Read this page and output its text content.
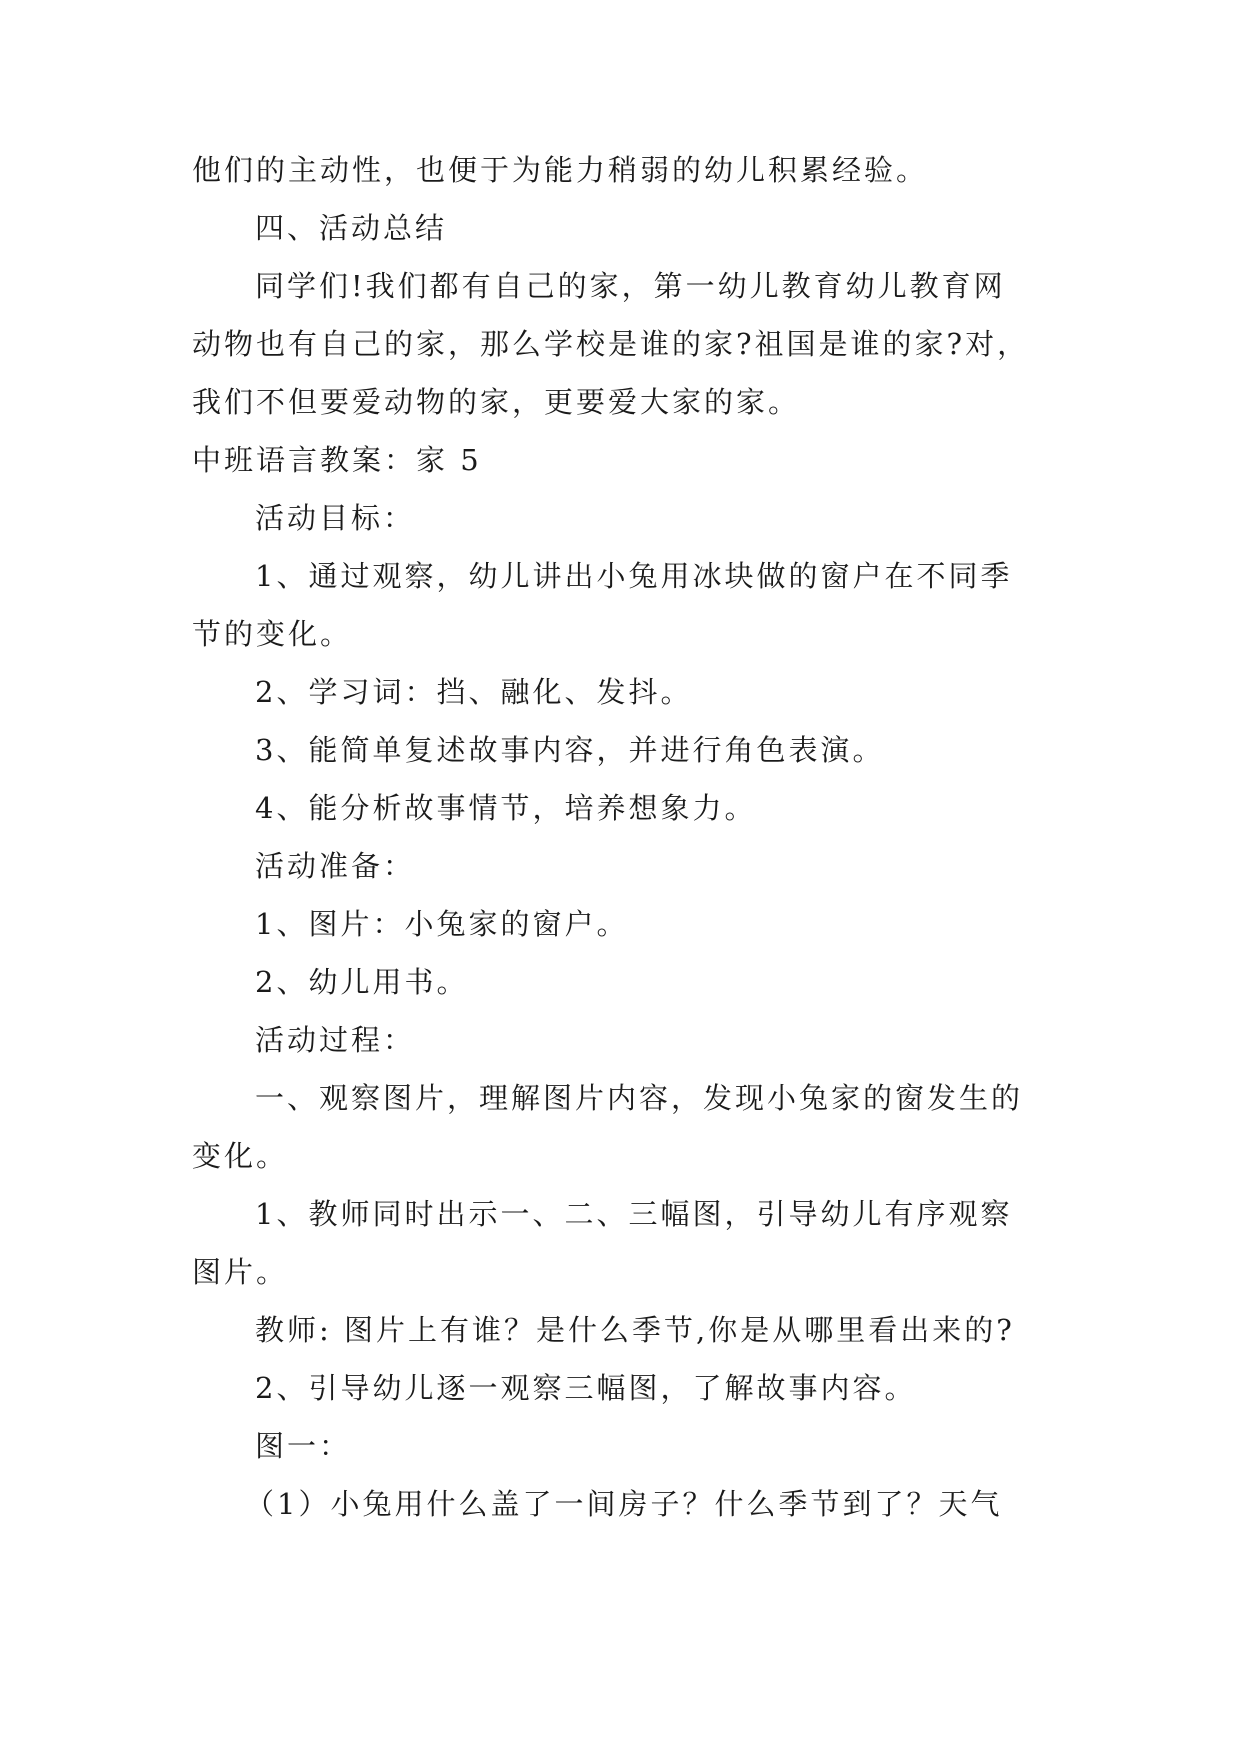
他们的主动性，也便于为能力稍弱的幼儿积累经验。
四、活动总结
同学们!我们都有自己的家，第一幼儿教育幼儿教育网
动物也有自己的家，那么学校是谁的家?祖国是谁的家?对，
我们不但要爱动物的家，更要爱大家的家。
中班语言教案：家 5
活动目标：
1、通过观察，幼儿讲出小兔用冰块做的窗户在不同季
节的变化。
2、学习词：挡、融化、发抖。
3、能简单复述故事内容，并进行角色表演。
4、能分析故事情节，培养想象力。
活动准备：
1、图片：小兔家的窗户。
2、幼儿用书。
活动过程：
一、观察图片，理解图片内容，发现小兔家的窗发生的
变化。
1、教师同时出示一、二、三幅图，引导幼儿有序观察
图片。
教师: 图片上有谁？是什么季节,你是从哪里看出来的?
2、引导幼儿逐一观察三幅图，了解故事内容。
图一：
（1）小兔用什么盖了一间房子？什么季节到了？天气
